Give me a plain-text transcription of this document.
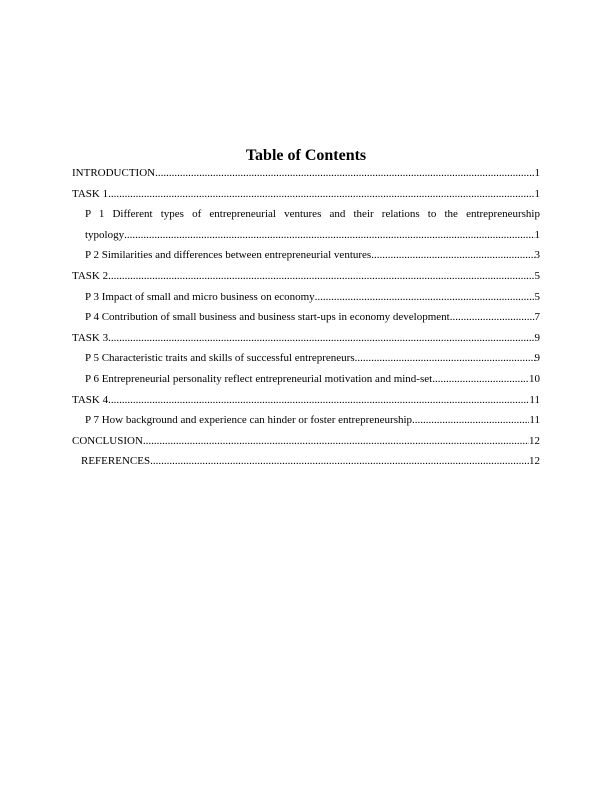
Table of Contents
INTRODUCTION .....	1
TASK 1 .....	1
P 1 Different types of entrepreneurial ventures and their relations to the entrepreneurship
typology .....	1
P 2 Similarities and differences between entrepreneurial ventures .....	3
TASK 2 .....	5
P 3 Impact of small and micro business on economy .....	5
P 4 Contribution of small business and business start-ups in economy development .....	7
TASK 3 .....	9
P 5 Characteristic traits and skills of successful entrepreneurs .....	9
P 6 Entrepreneurial personality reflect entrepreneurial motivation and mind-set .....	10
TASK 4 .....	11
P 7 How background and experience can hinder or foster entrepreneurship .....	11
CONCLUSION .....	12
REFERENCES .....	12
